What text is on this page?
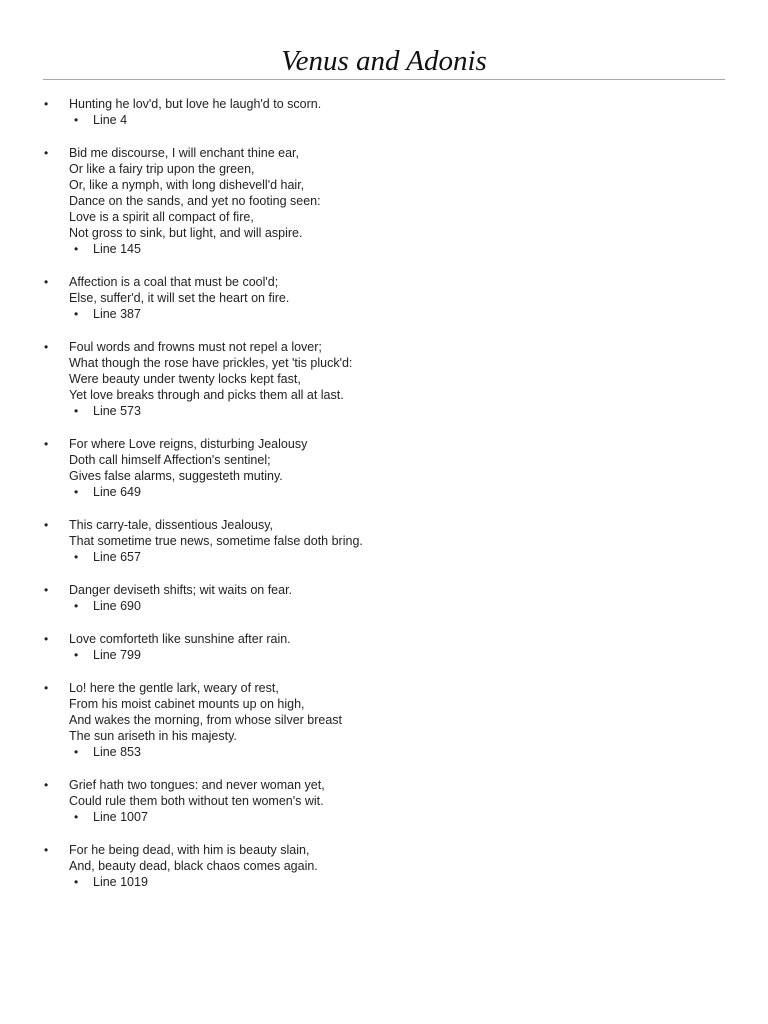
Venus and Adonis
• Hunting he lov'd, but love he laugh'd to scorn.
• Line 4
• Bid me discourse, I will enchant thine ear,
Or like a fairy trip upon the green,
Or, like a nymph, with long dishevell'd hair,
Dance on the sands, and yet no footing seen:
Love is a spirit all compact of fire,
Not gross to sink, but light, and will aspire.
• Line 145
• Affection is a coal that must be cool'd;
Else, suffer'd, it will set the heart on fire.
• Line 387
• Foul words and frowns must not repel a lover;
What though the rose have prickles, yet 'tis pluck'd:
Were beauty under twenty locks kept fast,
Yet love breaks through and picks them all at last.
• Line 573
• For where Love reigns, disturbing Jealousy
Doth call himself Affection's sentinel;
Gives false alarms, suggesteth mutiny.
• Line 649
• This carry-tale, dissentious Jealousy,
That sometime true news, sometime false doth bring.
• Line 657
• Danger deviseth shifts; wit waits on fear.
• Line 690
• Love comforteth like sunshine after rain.
• Line 799
• Lo! here the gentle lark, weary of rest,
From his moist cabinet mounts up on high,
And wakes the morning, from whose silver breast
The sun ariseth in his majesty.
• Line 853
• Grief hath two tongues: and never woman yet,
Could rule them both without ten women's wit.
• Line 1007
• For he being dead, with him is beauty slain,
And, beauty dead, black chaos comes again.
• Line 1019
